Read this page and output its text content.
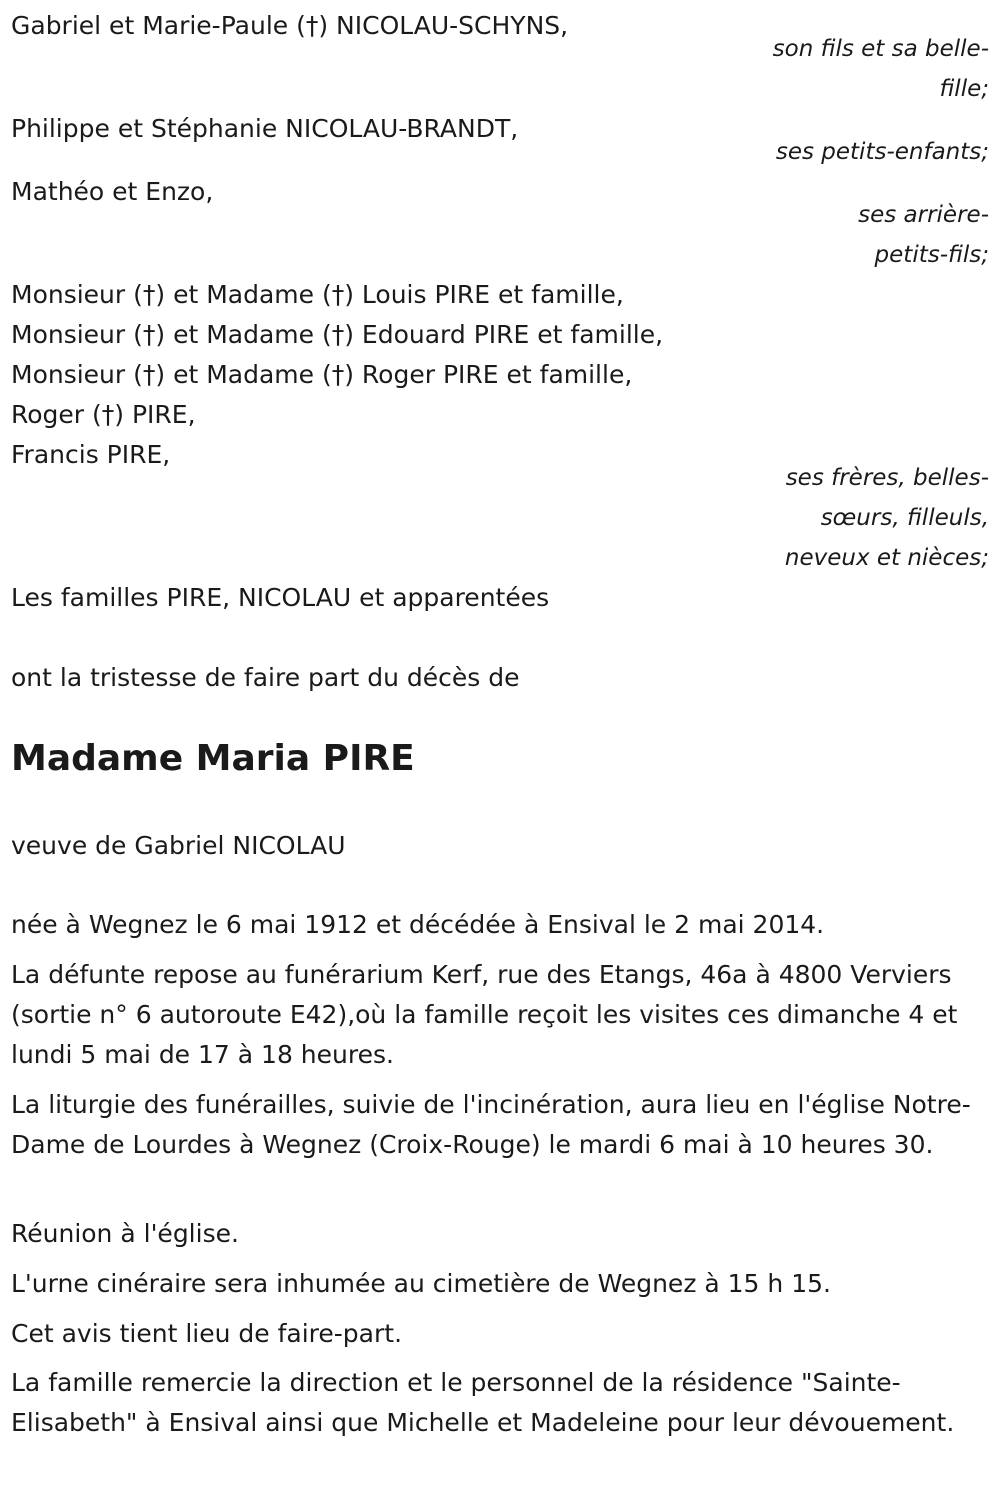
Gabriel et Marie-Paule (†) NICOLAU-SCHYNS,

son fils et sa belle-fille;

Philippe et Stéphanie NICOLAU-BRANDT,

ses petits-enfants;

Mathéo et Enzo,

ses arrière-petits-fils;

Monsieur (†) et Madame (†) Louis PIRE et famille,

Monsieur (†) et Madame (†) Edouard PIRE et famille,

Monsieur (†) et Madame (†) Roger PIRE et famille,

Roger (†) PIRE,

Francis PIRE,

ses frères, belles-sœurs, filleuls, neveux et nièces;

Les familles PIRE, NICOLAU et apparentées

ont la tristesse de faire part du décès de

Madame Maria PIRE

veuve de Gabriel NICOLAU

née à Wegnez le 6 mai 1912 et décédée à Ensival le 2 mai 2014.

La défunte repose au funérarium Kerf, rue des Etangs, 46a à 4800 Verviers (sortie n° 6 autoroute E42),où la famille reçoit les visites ces dimanche 4 et lundi 5 mai de 17 à 18 heures.

La liturgie des funérailles, suivie de l'incinération, aura lieu en l'église Notre-Dame de Lourdes à Wegnez (Croix-Rouge) le mardi 6 mai à 10 heures 30.

Réunion à l'église.

L'urne cinéraire sera inhumée au cimetière de Wegnez à 15 h 15.

Cet avis tient lieu de faire-part.

La famille remercie la direction et le personnel de la résidence "Sainte-Elisabeth" à Ensival ainsi que Michelle et Madeleine pour leur dévouement.
